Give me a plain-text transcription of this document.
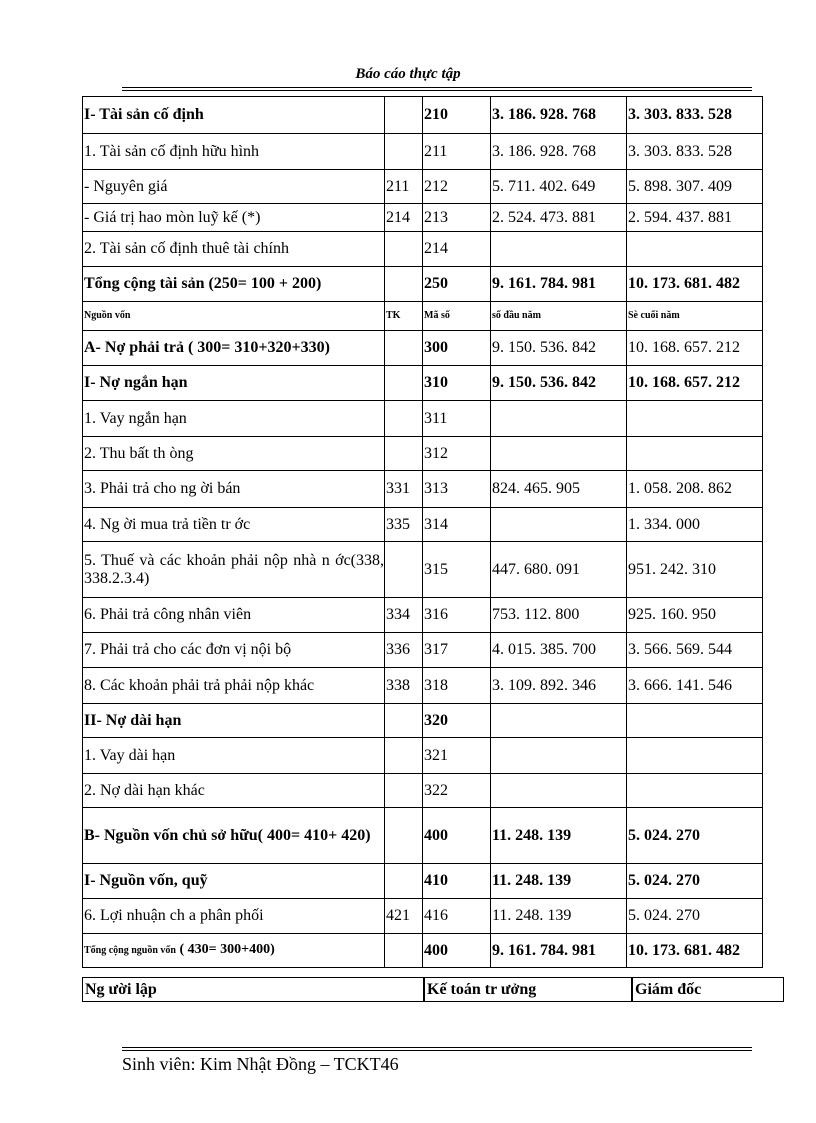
Báo cáo thực tập
I- Tài sản cố định		210	3. 186. 928. 768	3. 303. 833. 528
1. Tài sản cố định hữu hình		211	3. 186. 928. 768	3. 303. 833. 528
- Nguyên giá	211	212	5. 711. 402. 649	5. 898. 307. 409
- Giá trị hao mòn luỹ kế (*)	214	213	2. 524. 473. 881	2. 594. 437. 881
2. Tài sản cố định thuê tài chính		214		
Tổng cộng tài sản (250= 100 + 200)		250	9. 161. 784. 981	10. 173. 681. 482
Nguồn vốn	TK	Mã số	số đầu năm	Sè cuối năm
A- Nợ phải trả ( 300= 310+320+330)		300	9. 150. 536. 842	10. 168. 657. 212
I- Nợ ngắn hạn		310	9. 150. 536. 842	10. 168. 657. 212
1. Vay ngắn hạn		311		
2. Thu bất th òng		312		
3. Phải trả cho ng ời bán	331	313	824. 465. 905	1. 058. 208. 862
4. Ng ời mua trả tiền tr ớc	335	314		1. 334. 000
5. Thuế và các khoản phải nộp nhà n ớc(338, 338.2.3.4)		315	447. 680. 091	951. 242. 310
6. Phải trả công nhân viên	334	316	753. 112. 800	925. 160. 950
7. Phải trả cho các đơn vị nội bộ	336	317	4. 015. 385. 700	3. 566. 569. 544
8. Các khoản phải trả phải nộp khác	338	318	3. 109. 892. 346	3. 666. 141. 546
II- Nợ dài hạn		320		
1. Vay dài hạn		321		
2. Nợ dài hạn khác		322		
B- Nguồn vốn chủ sở hữu( 400= 410+ 420)		400	11. 248. 139	5. 024. 270
I- Nguồn vốn, quỹ		410	11. 248. 139	5. 024. 270
6. Lợi nhuận ch a phân phối	421	416	11. 248. 139	5. 024. 270
Tổng cộng nguồn vốn ( 430= 300+400)		400	9. 161. 784. 981	10. 173. 681. 482
Ng ười lập	Kế toán tr ưởng	Giám đốc
Sinh viên: Kim Nhật Đồng – TCKT46
